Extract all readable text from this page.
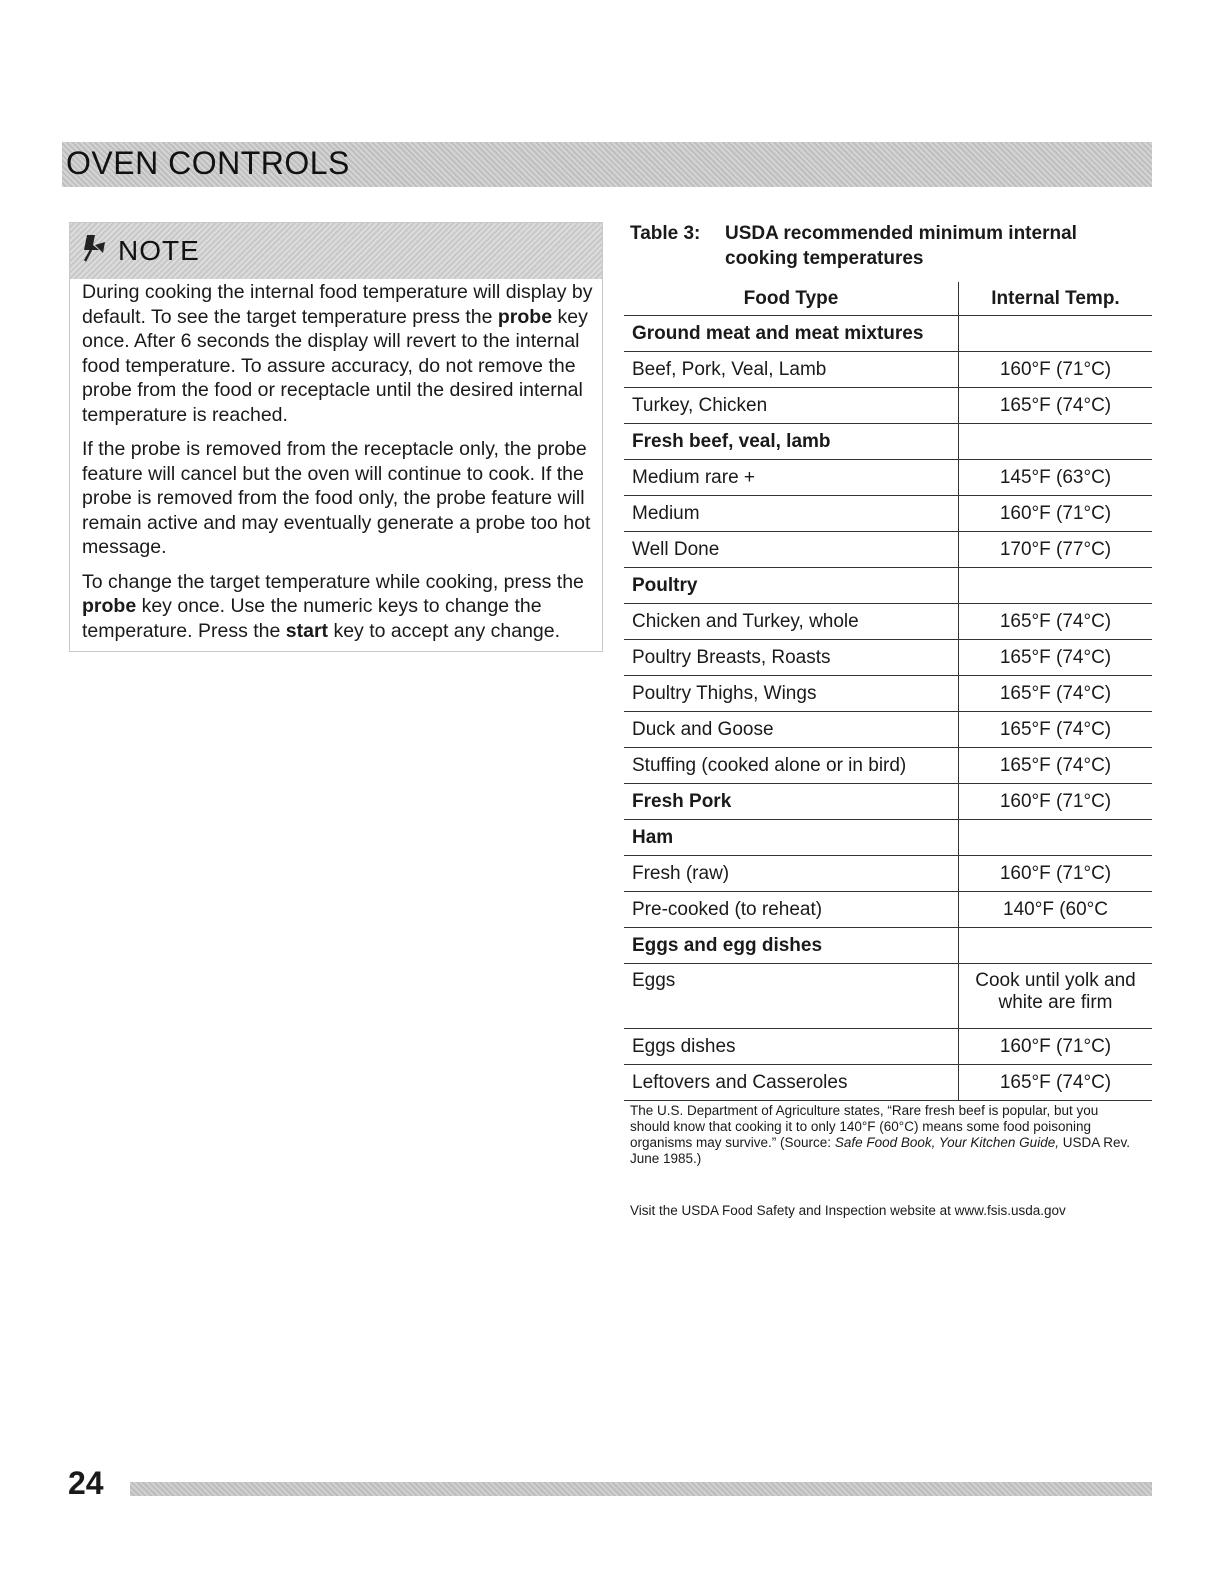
OVEN CONTROLS
NOTE

During cooking the internal food temperature will display by default. To see the target temperature press the probe key once. After 6 seconds the display will revert to the internal food temperature. To assure accuracy, do not remove the probe from the food or receptacle until the desired internal temperature is reached.

If the probe is removed from the receptacle only, the probe feature will cancel but the oven will continue to cook. If the probe is removed from the food only, the probe feature will remain active and may eventually generate a probe too hot message.

To change the target temperature while cooking, press the probe key once. Use the numeric keys to change the temperature. Press the start key to accept any change.

Table 3: USDA recommended minimum internal cooking temperatures
Food Type	Internal Temp.
Ground meat and meat mixtures	
Beef, Pork, Veal, Lamb	160°F (71°C)
Turkey, Chicken	165°F (74°C)
Fresh beef, veal, lamb	
Medium rare +	145°F (63°C)
Medium	160°F (71°C)
Well Done	170°F (77°C)
Poultry	
Chicken and Turkey, whole	165°F (74°C)
Poultry Breasts, Roasts	165°F (74°C)
Poultry Thighs, Wings	165°F (74°C)
Duck and Goose	165°F (74°C)
Stuffing (cooked alone or in bird)	165°F (74°C)
Fresh Pork	160°F (71°C)
Ham	
Fresh (raw)	160°F (71°C)
Pre-cooked (to reheat)	140°F (60°C
Eggs and egg dishes	
Eggs	Cook until yolk and white are firm
Eggs dishes	160°F (71°C)
Leftovers and Casseroles	165°F (74°C)
The U.S. Department of Agriculture states, “Rare fresh beef is popular, but you should know that cooking it to only 140°F (60°C) means some food poisoning organisms may survive.” (Source: Safe Food Book, Your Kitchen Guide, USDA Rev. June 1985.)
Visit the USDA Food Safety and Inspection website at www.fsis.usda.gov
24
